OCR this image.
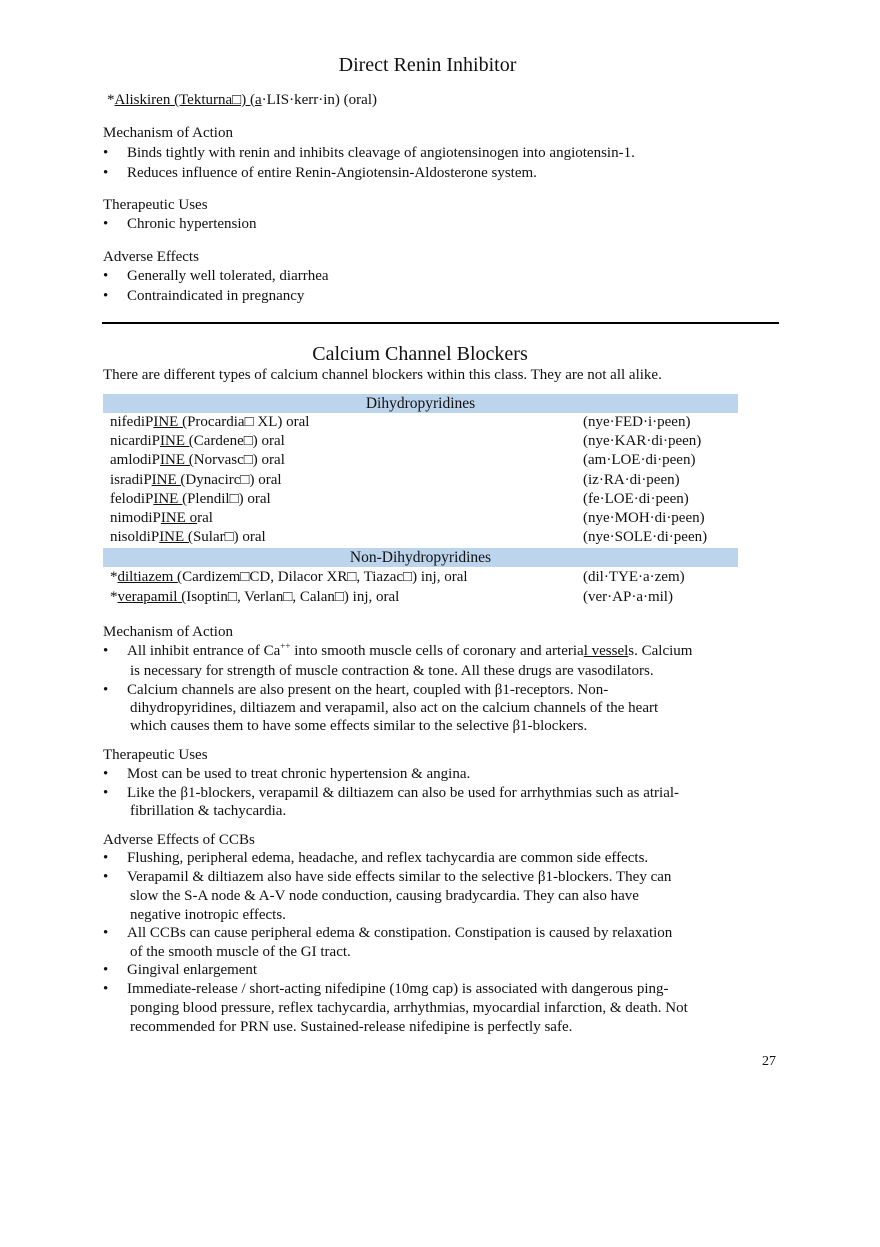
Direct Renin Inhibitor
*Aliskiren (Tekturna□) (a·LIS·kerr·in) (oral)
Mechanism of Action
• Binds tightly with renin and inhibits cleavage of angiotensinogen into angiotensin-1.
• Reduces influence of entire Renin-Angiotensin-Aldosterone system.
Therapeutic Uses
• Chronic hypertension
Adverse Effects
• Generally well tolerated, diarrhea
• Contraindicated in pregnancy
Calcium Channel Blockers
There are different types of calcium channel blockers within this class. They are not all alike.
Dihydropyridines
nifediPINE (Procardia□ XL) oral	(nye·FED·i·peen)
nicardiPINE (Cardene□) oral	(nye·KAR·di·peen)
amlodiPINE (Norvasc□) oral	(am·LOE·di·peen)
isradiPINE (Dynacirc□) oral	(iz·RA·di·peen)
felodiPINE (Plendil□) oral	(fe·LOE·di·peen)
nimodiPINE oral	(nye·MOH·di·peen)
nisoldiPINE (Sular□) oral	(nye·SOLE·di·peen)
Non-Dihydropyridines
*diltiazem (Cardizem□CD, Dilacor XR□, Tiazac□) inj, oral	(dil·TYE·a·zem)
*verapamil (Isoptin□, Verlan□, Calan□) inj, oral	(ver·AP·a·mil)
Mechanism of Action
• All inhibit entrance of Ca++ into smooth muscle cells of coronary and arterial vessels. Calcium
is necessary for strength of muscle contraction & tone. All these drugs are vasodilators.
• Calcium channels are also present on the heart, coupled with β1-receptors. Non-
dihydropyridines, diltiazem and verapamil, also act on the calcium channels of the heart
which causes them to have some effects similar to the selective β1-blockers.
Therapeutic Uses
• Most can be used to treat chronic hypertension & angina.
• Like the β1-blockers, verapamil & diltiazem can also be used for arrhythmias such as atrial-
fibrillation & tachycardia.
Adverse Effects of CCBs
• Flushing, peripheral edema, headache, and reflex tachycardia are common side effects.
• Verapamil & diltiazem also have side effects similar to the selective β1-blockers. They can
slow the S-A node & A-V node conduction, causing bradycardia. They can also have
negative inotropic effects.
• All CCBs can cause peripheral edema & constipation. Constipation is caused by relaxation
of the smooth muscle of the GI tract.
• Gingival enlargement
• Immediate-release / short-acting nifedipine (10mg cap) is associated with dangerous ping-
ponging blood pressure, reflex tachycardia, arrhythmias, myocardial infarction, & death. Not
recommended for PRN use. Sustained-release nifedipine is perfectly safe.
27
